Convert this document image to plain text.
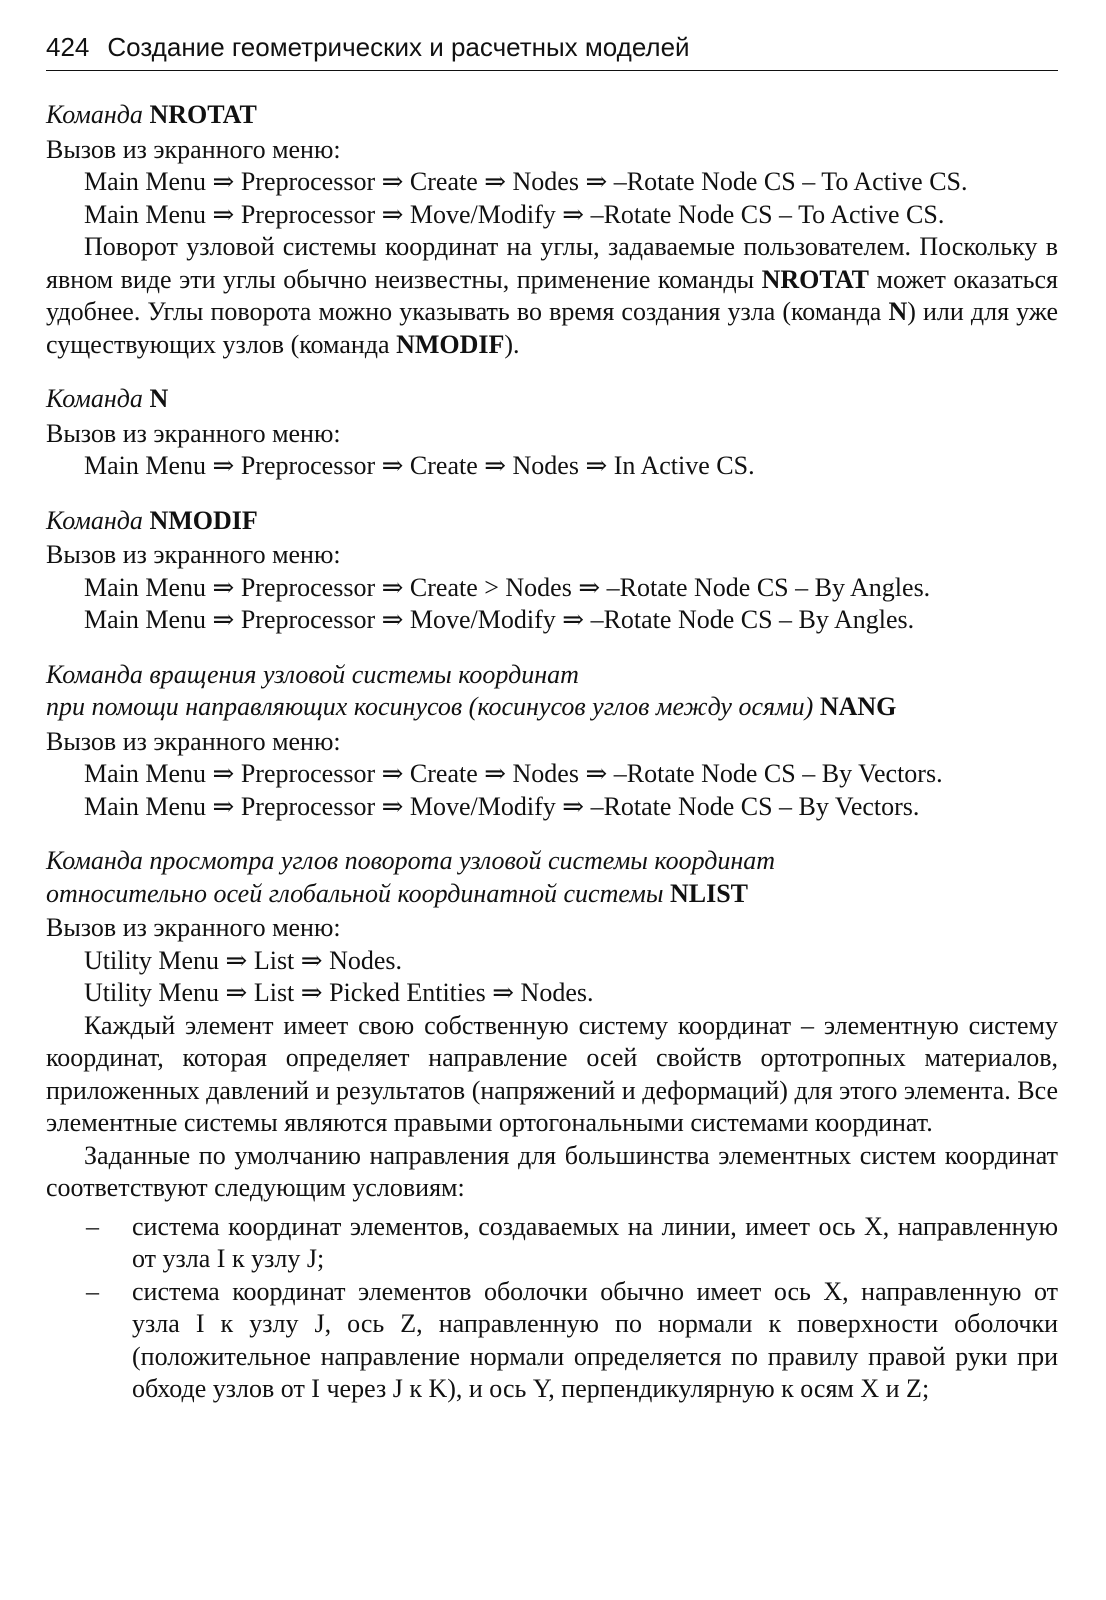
424 Создание геометрических и расчетных моделей
Команда NROTAT
Вызов из экранного меню:
Main Menu ⇒ Preprocessor ⇒ Create ⇒ Nodes ⇒ –Rotate Node CS – To Active CS.
Main Menu ⇒ Preprocessor ⇒ Move/Modify ⇒ –Rotate Node CS – To Active CS.
Поворот узловой системы координат на углы, задаваемые пользователем. Поскольку в явном виде эти углы обычно неизвестны, применение команды NROTAT может оказаться удобнее. Углы поворота можно указывать во время создания узла (команда N) или для уже существующих узлов (команда NMODIF).
Команда N
Вызов из экранного меню:
Main Menu ⇒ Preprocessor ⇒ Create ⇒ Nodes ⇒ In Active CS.
Команда NMODIF
Вызов из экранного меню:
Main Menu ⇒ Preprocessor ⇒ Create > Nodes ⇒ –Rotate Node CS – By Angles.
Main Menu ⇒ Preprocessor ⇒ Move/Modify ⇒ –Rotate Node CS – By Angles.
Команда вращения узловой системы координат
при помощи направляющих косинусов (косинусов углов между осями) NANG
Вызов из экранного меню:
Main Menu ⇒ Preprocessor ⇒ Create ⇒ Nodes ⇒ –Rotate Node CS – By Vectors.
Main Menu ⇒ Preprocessor ⇒ Move/Modify ⇒ –Rotate Node CS – By Vectors.
Команда просмотра углов поворота узловой системы координат
относительно осей глобальной координатной системы NLIST
Вызов из экранного меню:
Utility Menu ⇒ List ⇒ Nodes.
Utility Menu ⇒ List ⇒ Picked Entities ⇒ Nodes.
Каждый элемент имеет свою собственную систему координат – элементную систему координат, которая определяет направление осей свойств ортотропных материалов, приложенных давлений и результатов (напряжений и деформаций) для этого элемента. Все элементные системы являются правыми ортогональными системами координат.
Заданные по умолчанию направления для большинства элементных систем координат соответствуют следующим условиям:
– система координат элементов, создаваемых на линии, имеет ось X, направленную от узла I к узлу J;
– система координат элементов оболочки обычно имеет ось X, направленную от узла I к узлу J, ось Z, направленную по нормали к поверхности оболочки (положительное направление нормали определяется по правилу правой руки при обходе узлов от I через J к K), и ось Y, перпендикулярную к осям X и Z;
